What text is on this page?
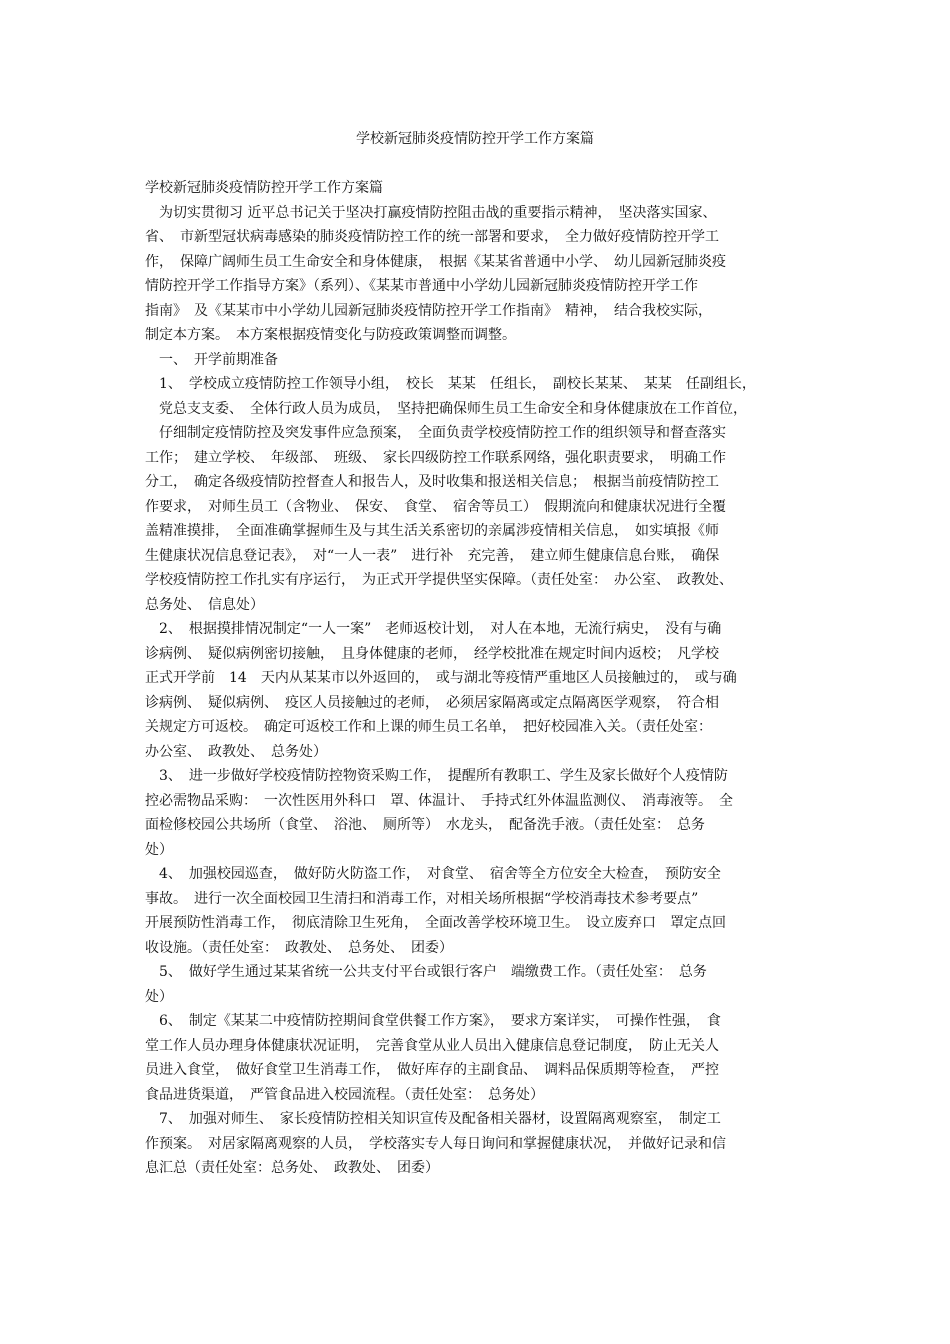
学校新冠肺炎疫情防控开学工作方案篇
学校新冠肺炎疫情防控开学工作方案篇
　为切实贯彻习 近平总书记关于坚决打赢疫情防控阻击战的重要指示精神，　坚决落实国家、
省、　市新型冠状病毒感染的肺炎疫情防控工作的统一部署和要求，　全力做好疫情防控开学工
作，　保障广阔师生员工生命安全和身体健康，　根据《某某省普通中小学、　幼儿园新冠肺炎疫
情防控开学工作指导方案》（系列）、《某某市普通中小学幼儿园新冠肺炎疫情防控开学工作
指南》　及《某某市中小学幼儿园新冠肺炎疫情防控开学工作指南》　精神，　结合我校实际，
制定本方案。　本方案根据疫情变化与防疫政策调整而调整。
　一、　开学前期准备
　1、　学校成立疫情防控工作领导小组，　校长　某某　任组长，　副校长某某、　某某　任副组长，
　党总支支委、　全体行政人员为成员，　坚持把确保师生员工生命安全和身体健康放在工作首位，
　仔细制定疫情防控及突发事件应急预案，　全面负责学校疫情防控工作的组织领导和督查落实
工作；　建立学校、　年级部、　班级、　家长四级防控工作联系网络，强化职责要求，　明确工作
分工，　确定各级疫情防控督查人和报告人，及时收集和报送相关信息；　根据当前疫情防控工
作要求，　对师生员工（含物业、　保安、　食堂、　宿舍等员工）　假期流向和健康状况进行全覆
盖精准摸排，　全面准确掌握师生及与其生活关系密切的亲属涉疫情相关信息，　如实填报《师
生健康状况信息登记表》，　对“一人一表”　进行补　充完善，　建立师生健康信息台账，　确保
学校疫情防控工作扎实有序运行，　为正式开学提供坚实保障。（责任处室：　办公室、　政教处、
总务处、　信息处）
　2、　根据摸排情况制定“一人一案”　老师返校计划，　对人在本地，无流行病史，　没有与确
诊病例、　疑似病例密切接触，　且身体健康的老师，　经学校批准在规定时间内返校；　凡学校
正式开学前　14　天内从某某市以外返回的，　或与湖北等疫情严重地区人员接触过的，　或与确
诊病例、　疑似病例、　疫区人员接触过的老师，　必须居家隔离或定点隔离医学观察，　符合相
关规定方可返校。　确定可返校工作和上课的师生员工名单，　把好校园准入关。（责任处室：
办公室、　政教处、　总务处）
　3、　进一步做好学校疫情防控物资采购工作，　提醒所有教职工、学生及家长做好个人疫情防
控必需物品采购：　一次性医用外科口　罩、体温计、　手持式红外体温监测仪、　消毒液等。　全
面检修校园公共场所（食堂、　浴池、　厕所等）　水龙头，　配备洗手液。（责任处室：　总务
处）
　4、　加强校园巡查，　做好防火防盗工作，　对食堂、　宿舍等全方位安全大检查，　预防安全
事故。　进行一次全面校园卫生清扫和消毒工作，对相关场所根据“学校消毒技术参考要点”
开展预防性消毒工作，　彻底清除卫生死角，　全面改善学校环境卫生。　设立废弃口　罩定点回
收设施。（责任处室：　政教处、　总务处、　团委）
　5、　做好学生通过某某省统一公共支付平台或银行客户　端缴费工作。（责任处室：　总务
处）
　6、　制定《某某二中疫情防控期间食堂供餐工作方案》，　要求方案详实，　可操作性强，　食
堂工作人员办理身体健康状况证明，　完善食堂从业人员出入健康信息登记制度，　防止无关人
员进入食堂，　做好食堂卫生消毒工作，　做好库存的主副食品、　调料品保质期等检查，　严控
食品进货渠道，　严管食品进入校园流程。（责任处室：　总务处）
　7、　加强对师生、　家长疫情防控相关知识宣传及配备相关器材，设置隔离观察室，　制定工
作预案。　对居家隔离观察的人员，　学校落实专人每日询问和掌握健康状况，　并做好记录和信
息汇总（责任处室：总务处、　政教处、　团委）
